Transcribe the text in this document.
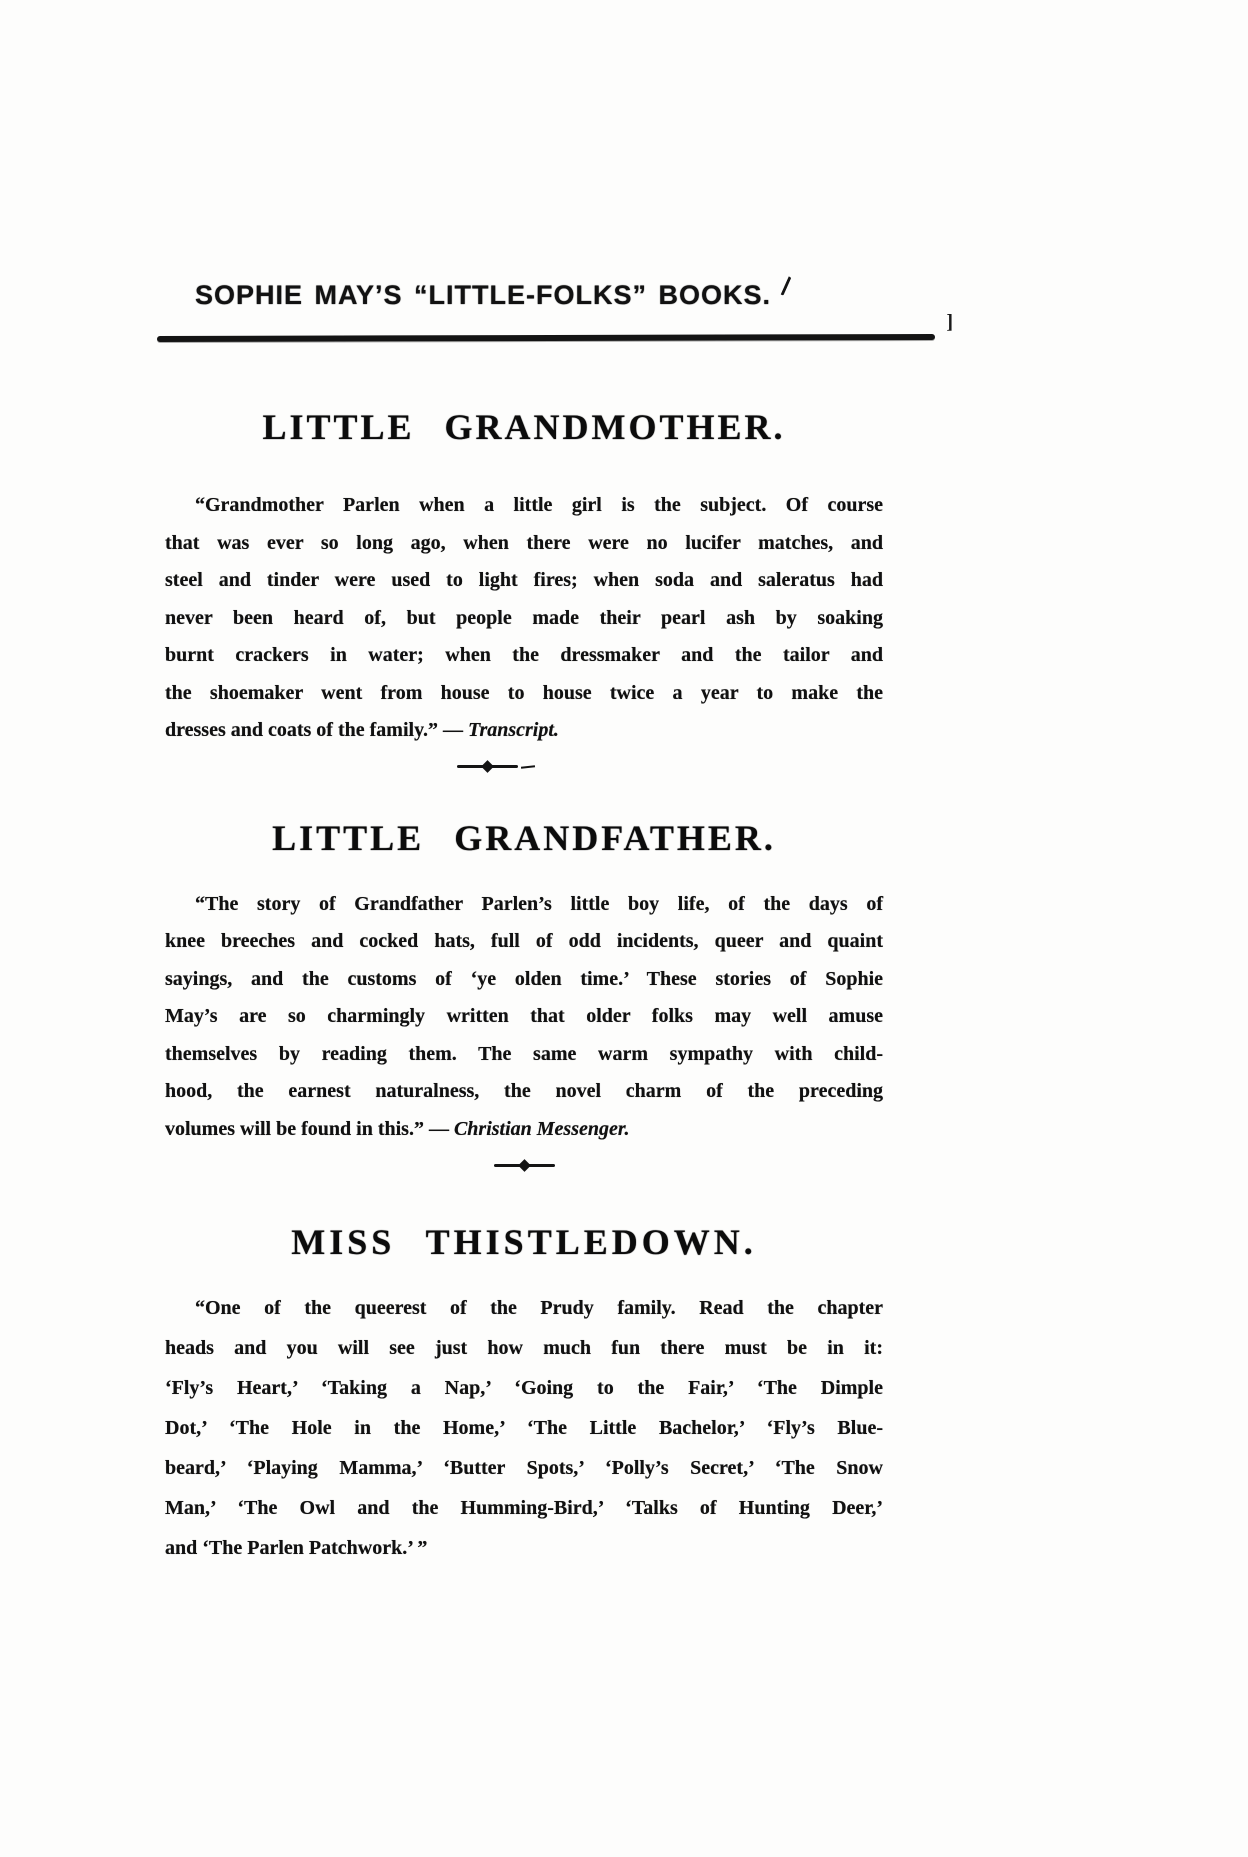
SOPHIE MAY’S “LITTLE-FOLKS” BOOKS.
]
LITTLE GRANDMOTHER.
“Grandmother Parlen when a little girl is the subject. Of course
that was ever so long ago, when there were no lucifer matches, and
steel and tinder were used to light fires; when soda and saleratus had
never been heard of, but people made their pearl ash by soaking
burnt crackers in water; when the dressmaker and the tailor and
the shoemaker went from house to house twice a year to make the
dresses and coats of the family.” — Transcript.
LITTLE GRANDFATHER.
“The story of Grandfather Parlen’s little boy life, of the days of
knee breeches and cocked hats, full of odd incidents, queer and quaint
sayings, and the customs of ‘ye olden time.’ These stories of Sophie
May’s are so charmingly written that older folks may well amuse
themselves by reading them. The same warm sympathy with child-
hood, the earnest naturalness, the novel charm of the preceding
volumes will be found in this.” — Christian Messenger.
MISS THISTLEDOWN.
“One of the queerest of the Prudy family. Read the chapter
heads and you will see just how much fun there must be in it:
‘Fly’s Heart,’ ‘Taking a Nap,’ ‘Going to the Fair,’ ‘The Dimple
Dot,’ ‘The Hole in the Home,’ ‘The Little Bachelor,’ ‘Fly’s Blue-
beard,’ ‘Playing Mamma,’ ‘Butter Spots,’ ‘Polly’s Secret,’ ‘The Snow
Man,’ ‘The Owl and the Humming-Bird,’ ‘Talks of Hunting Deer,’
and ‘The Parlen Patchwork.’ ”
